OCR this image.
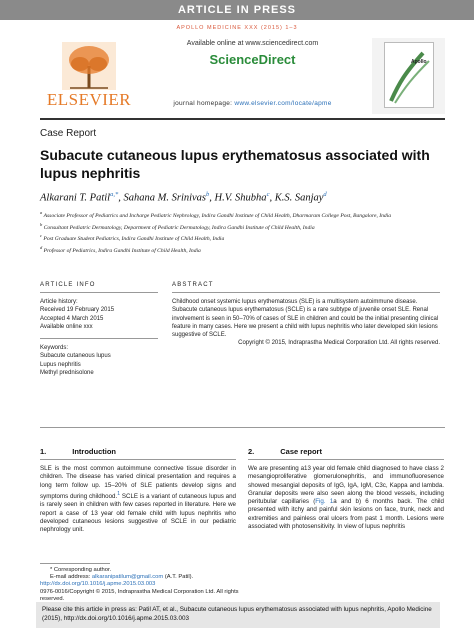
ARTICLE IN PRESS
APOLLO MEDICINE XXX (2015) 1–3
ELSEVIER
Available online at www.sciencedirect.com
ScienceDirect
journal homepage: www.elsevier.com/locate/apme
Apollo
Case Report
Subacute cutaneous lupus erythematosus associated with lupus nephritis
Alkarani T. Patil$^{a,*}$, Sahana M. Srinivas$^b$, H.V. Shubha$^c$, K.S. Sanjay$^d$

$^a$ Associate Professor of Pediatrics and Incharge Pediatric Nephrology, Indira Gandhi Institute of Child Health, Dharmaram College Post, Bangalore, India

$^b$ Consultant Pediatric Dermatology, Department of Pediatric Dermatology, Indira Gandhi Institute of Child Health, India

$^c$ Post Graduate Student Pediatrics, Indira Gandhi Institute of Child Health, India

$^d$ Professor of Pediatrics, Indira Gandhi Institute of Child Health, India

ARTICLE INFO

Article history:

Received 19 February 2015

Accepted 4 March 2015

Available online xxx

Keywords:

Subacute cutaneous lupus

Lupus nephritis

Methyl prednisolone

ABSTRACT
Childhood onset systemic lupus erythematosus (SLE) is a multisystem autoimmune disease. Subacute cutaneous lupus erythematosus (SCLE) is a rare subtype of juvenile onset SLE. Renal involvement is seen in 50–70% of cases of SLE in children and could be the initial presenting clinical feature in many cases. Here we present a child with lupus nephritis who later developed skin lesions suggestive of SCLE.
Copyright © 2015, Indraprastha Medical Corporation Ltd. All rights reserved.
1.	Introduction
SLE is the most common autoimmune connective tissue disorder in children. The disease has varied clinical presentation and requires a long term follow up. 15–20% of SLE patients develop signs and symptoms during childhood.$^1$ SCLE is a variant of cutaneous lupus and is rarely seen in children with few cases reported in literature. Here we report a case of 13 year old female child with lupus nephritis who developed cutaneous lesions suggestive of SCLE in our pediatric nephrology unit.
2.	Case report
We are presenting a13 year old female child diagnosed to have class 2 mesangioproliferative glomerulonephritis, and immunofluoresence showed mesangial deposits of IgG, IgA, IgM, C3c, Kappa and lambda. Granular deposits were also seen along the blood vessels, including peritubular capillaries (Fig. 1a and b) 6 months back. The child presented with itchy and painful skin lesions on face, trunk, neck and extremities and painless oral ulcers from past 1 month. Lesions were associated with photosensitivity. In view of lupus nephritis

* Corresponding author.

E-mail address: alkaranipatilum@gmail.com (A.T. Patil).

http://dx.doi.org/10.1016/j.apme.2015.03.003

0976-0016/Copyright © 2015, Indraprastha Medical Corporation Ltd. All rights reserved.

Please cite this article in press as: Patil AT, et al., Subacute cutaneous lupus erythematosus associated with lupus nephritis, Apollo Medicine (2015), http://dx.doi.org/10.1016/j.apme.2015.03.003
